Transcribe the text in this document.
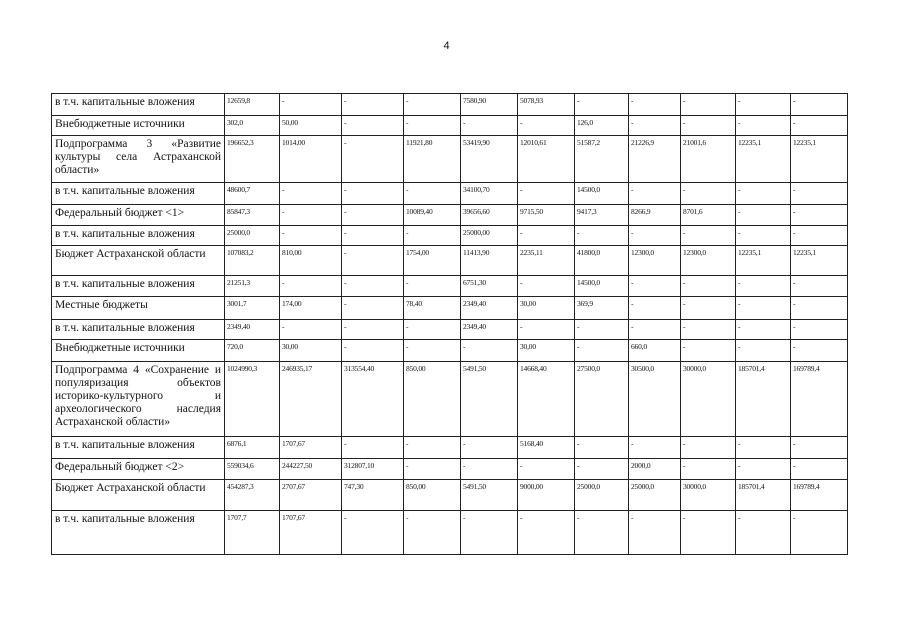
4
в т.ч. капитальные вложения	12659,8	-	-	-	7580,90	5078,93	-	-	-	-	-
Внебюджетные источники	302,0	50,00	-	-	-	-	126,0	-	-	-	-
Подпрограмма 3 «Развитие культуры села Астраханской области»	196652,3	1014,00	-	11921,80	53419,90	12010,61	51587,2	21226,9	21001,6	12235,1	12235,1
в т.ч. капитальные вложения	48600,7	-	-	-	34100,70	-	14500,0	-	-	-	-
Федеральный бюджет <1>	85847,3	-	-	10089,40	39656,60	9715,50	9417,3	8266,9	8701,6	-	-
в т.ч. капитальные вложения	25000,0	-	-	-	25000,00	-	-	-	-	-	-
Бюджет Астраханской области	107083,2	810,00	-	1754,00	11413,90	2235,11	41800,0	12300,0	12300,0	12235,1	12235,1
в т.ч. капитальные вложения	21251,3	-	-	-	6751,30	-	14500,0	-	-	-	-
Местные бюджеты	3001,7	174,00	-	78,40	2349,40	30,00	369,9	-	-	-	-
в т.ч. капитальные вложения	2349,40	-	-	-	2349,40	-	-	-	-	-	-
Внебюджетные источники	720,0	30,00	-	-	-	30,00	-	660,0	-	-	-
Подпрограмма 4 «Сохранение и популяризация объектов историко-культурного и археологического наследия Астраханской области»	1024990,3	246935,17	313554,40	850,00	5491,50	14668,40	27500,0	30500,0	30000,0	185701,4	169789,4
в т.ч. капитальные вложения	6876,1	1707,67	-	-	-	5168,40	-	-	-	-	-
Федеральный бюджет <2>	559034,6	244227,50	312807,10	-	-	-	-	2000,0	-	-	-
Бюджет Астраханской области	454287,3	2707,67	747,30	850,00	5491,50	9000,00	25000,0	25000,0	30000,0	185701,4	169789,4
в т.ч. капитальные вложения	1707,7	1707,67	-	-	-	-	-	-	-	-	-
